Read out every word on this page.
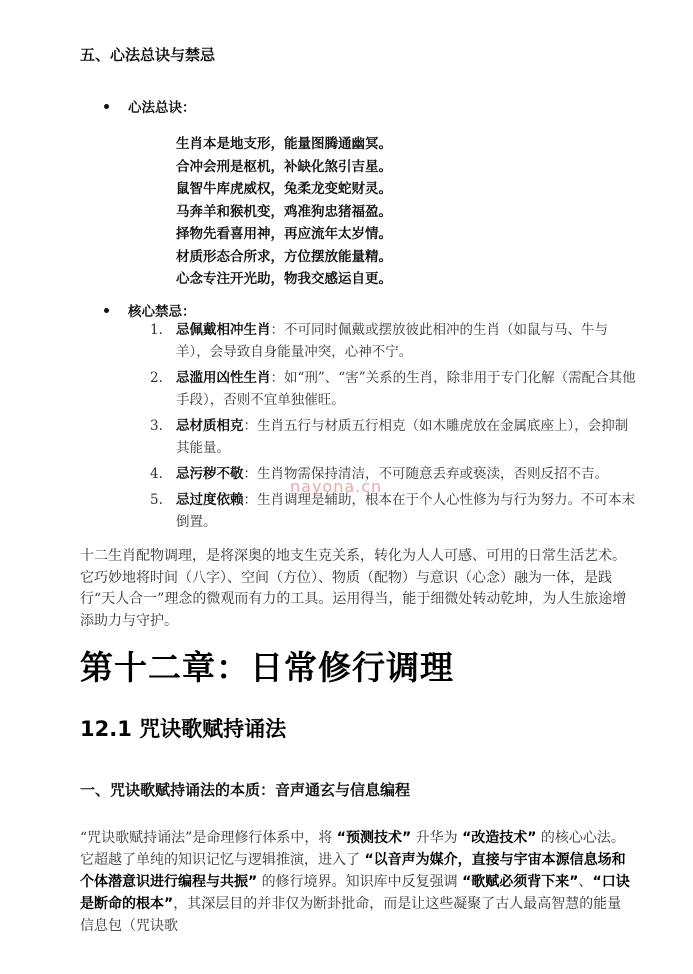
五、心法总诀与禁忌
心法总诀：
生肖本是地支形，能量图腾通幽冥。
合冲会刑是枢机，补缺化煞引吉星。
鼠智牛库虎威权，兔柔龙变蛇财灵。
马奔羊和猴机变，鸡准狗忠猪福盈。
择物先看喜用神，再应流年太岁情。
材质形态合所求，方位摆放能量精。
心念专注开光助，物我交感运自更。
核心禁忌：
1. 忌佩戴相冲生肖：不可同时佩戴或摆放彼此相冲的生肖（如鼠与马、牛与羊），会导致自身能量冲突，心神不宁。
2. 忌滥用凶性生肖：如“刑”、“害”关系的生肖，除非用于专门化解（需配合其他手段），否则不宜单独催旺。
3. 忌材质相克：生肖五行与材质五行相克（如木雕虎放在金属底座上），会抑制其能量。
4. 忌污秽不敬：生肖物需保持清洁，不可随意丢弃或亵渎，否则反招不吉。
5. 忌过度依赖：生肖调理是辅助，根本在于个人心性修为与行为努力。不可本末倒置。
nayona.cn
十二生肖配物调理，是将深奥的地支生克关系，转化为人人可感、可用的日常生活艺术。它巧妙地将时间（八字）、空间（方位）、物质（配物）与意识（心念）融为一体，是践行“天人合一”理念的微观而有力的工具。运用得当，能于细微处转动乾坤，为人生旅途增添助力与守护。
第十二章：日常修行调理
12.1 咒诀歌赋持诵法
一、咒诀歌赋持诵法的本质：音声通玄与信息编程
“咒诀歌赋持诵法”是命理修行体系中，将 “预测技术” 升华为 “改造技术” 的核心心法。它超越了单纯的知识记忆与逻辑推演，进入了 “以音声为媒介，直接与宇宙本源信息场和个体潜意识进行编程与共振” 的修行境界。知识库中反复强调 “歌赋必须背下来”、“口诀是断命的根本”，其深层目的并非仅为断卦批命，而是让这些凝聚了古人最高智慧的能量信息包（咒诀歌
